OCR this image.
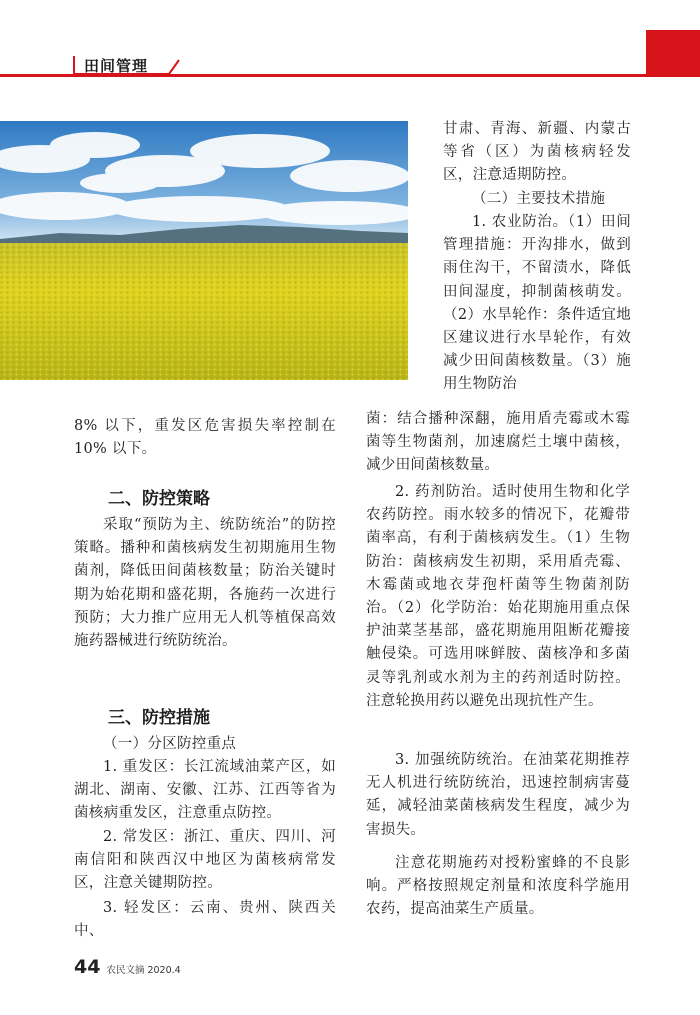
田间管理

8% 以下，重发区危害损失率控制在 10% 以下。

二、防控策略

采取“预防为主、统防统治”的防控策略。播种和菌核病发生初期施用生物菌剂，降低田间菌核数量；防治关键时期为始花期和盛花期，各施药一次进行预防；大力推广应用无人机等植保高效施药器械进行统防统治。

三、防控措施

（一）分区防控重点

1. 重发区：长江流域油菜产区，如湖北、湖南、安徽、江苏、江西等省为菌核病重发区，注意重点防控。

2. 常发区：浙江、重庆、四川、河南信阳和陕西汉中地区为菌核病常发区，注意关键期防控。

3. 轻发区：云南、贵州、陕西关中、

甘肃、青海、新疆、内蒙古等省（区）为菌核病轻发区，注意适期防控。

（二）主要技术措施

1. 农业防治。（1）田间管理措施：开沟排水，做到雨住沟干，不留渍水，降低田间湿度，抑制菌核萌发。（2）水旱轮作：条件适宜地区建议进行水旱轮作，有效减少田间菌核数量。（3）施用生物防治

菌：结合播种深翻，施用盾壳霉或木霉菌等生物菌剂，加速腐烂土壤中菌核，减少田间菌核数量。

2. 药剂防治。适时使用生物和化学农药防控。雨水较多的情况下，花瓣带菌率高，有利于菌核病发生。（1）生物防治：菌核病发生初期，采用盾壳霉、木霉菌或地衣芽孢杆菌等生物菌剂防治。（2）化学防治：始花期施用重点保护油菜茎基部，盛花期施用阻断花瓣接触侵染。可选用咪鲜胺、菌核净和多菌灵等乳剂或水剂为主的药剂适时防控。注意轮换用药以避免出现抗性产生。

3. 加强统防统治。在油菜花期推荐无人机进行统防统治，迅速控制病害蔓延，减轻油菜菌核病发生程度，减少为害损失。

注意花期施药对授粉蜜蜂的不良影响。严格按照规定剂量和浓度科学施用农药，提高油菜生产质量。

44 农民文摘 2020.4
